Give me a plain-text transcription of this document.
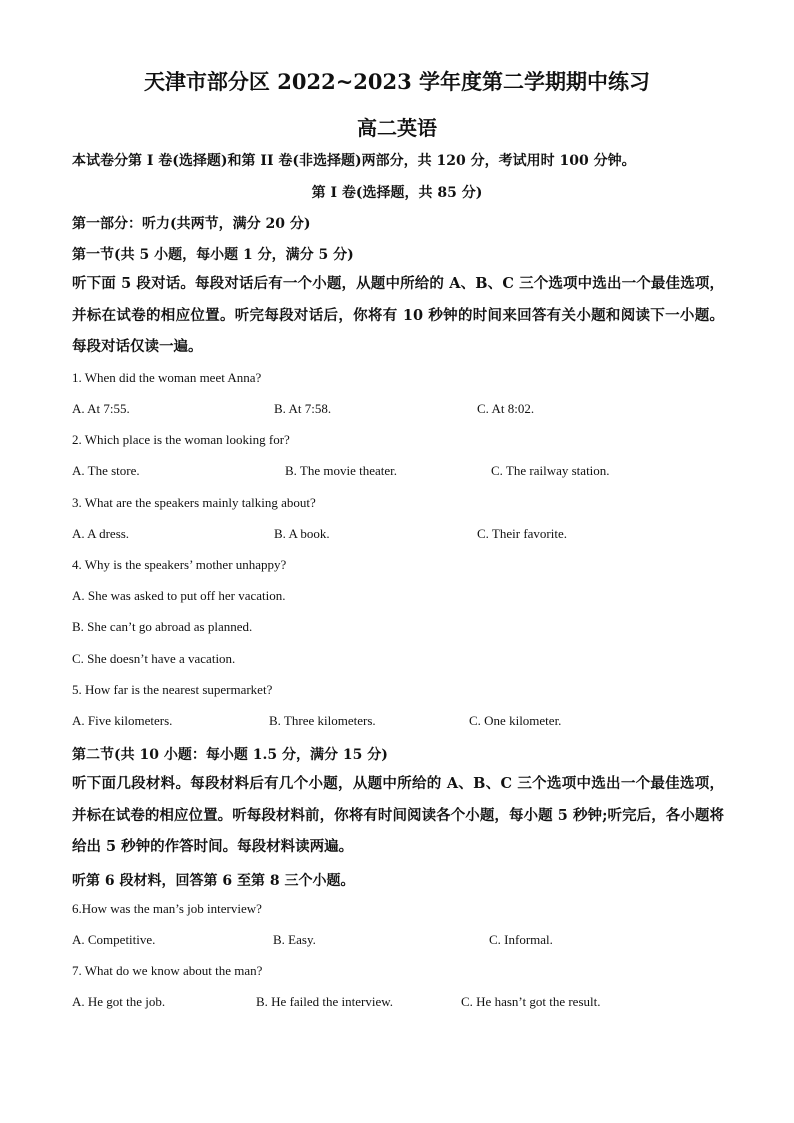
天津市部分区 2022~2023 学年度第二学期期中练习
高二英语
本试卷分第 I 卷(选择题)和第 II 卷(非选择题)两部分，共 120 分，考试用时 100 分钟。
第 I 卷(选择题，共 85 分)
第一部分：听力(共两节，满分 20 分)
第一节(共 5 小题，每小题 1 分，满分 5 分)
听下面 5 段对话。每段对话后有一个小题，从题中所给的 A、B、C 三个选项中选出一个最佳选项，并标在试卷的相应位置。听完每段对话后，你将有 10 秒钟的时间来回答有关小题和阅读下一小题。每段对话仅读一遍。
1. When did the woman meet Anna?
A. At 7:55.	B. At 7:58.	C. At 8:02.
2. Which place is the woman looking for?
A. The store.	B. The movie theater.	C. The railway station.
3. What are the speakers mainly talking about?
A. A dress.	B. A book.	C. Their favorite.
4. Why is the speakers’ mother unhappy?
A. She was asked to put off her vacation.
B. She can’t go abroad as planned.
C. She doesn’t have a vacation.
5. How far is the nearest supermarket?
A. Five kilometers.	B. Three kilometers.	C. One kilometer.
第二节(共 10 小题：每小题 1.5 分，满分 15 分)
听下面几段材料。每段材料后有几个小题，从题中所给的 A、B、C 三个选项中选出一个最佳选项，并标在试卷的相应位置。听每段材料前，你将有时间阅读各个小题，每小题 5 秒钟;听完后，各小题将给出 5 秒钟的作答时间。每段材料读两遍。
听第 6 段材料，回答第 6 至第 8 三个小题。
6.How was the man’s job interview?
A. Competitive.	B. Easy.	C. Informal.
7. What do we know about the man?
A. He got the job.	B. He failed the interview.	C. He hasn’t got the result.
